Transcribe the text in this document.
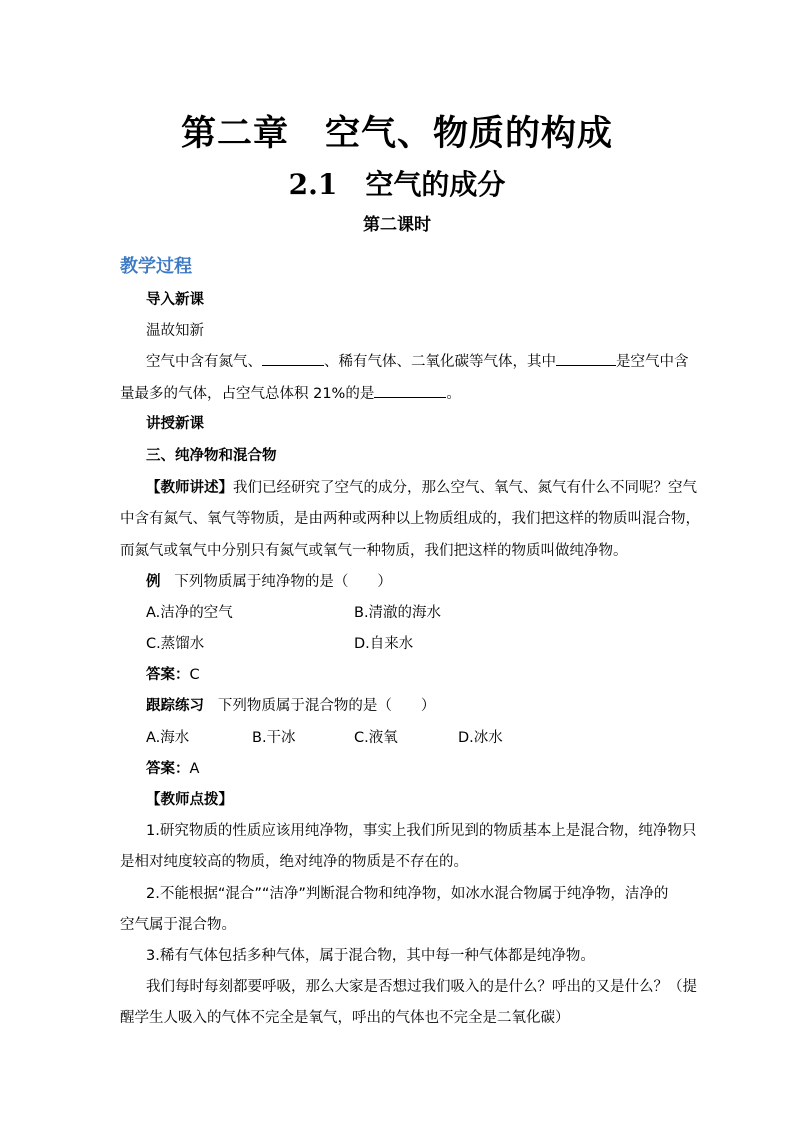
第二章　空气、物质的构成
2.1　空气的成分
第二课时
教学过程
导入新课
温故知新
空气中含有氮气、	、稀有气体、二氧化碳等气体，其中	是空气中含
量最多的气体，占空气总体积 21%的是	。
讲授新课
三、纯净物和混合物
【教师讲述】我们已经研究了空气的成分，那么空气、氧气、氮气有什么不同呢？空气
中含有氮气、氧气等物质，是由两种或两种以上物质组成的，我们把这样的物质叫混合物，
而氮气或氧气中分别只有氮气或氧气一种物质，我们把这样的物质叫做纯净物。
例 下列物质属于纯净物的是（　　）
A.洁净的空气	B.清澈的海水
C.蒸馏水	D.自来水
答案：C
跟踪练习 下列物质属于混合物的是（　　）
A.海水	B.干冰	C.液氧	D.冰水
答案：A
【教师点拨】
1.研究物质的性质应该用纯净物，事实上我们所见到的物质基本上是混合物，纯净物只
是相对纯度较高的物质，绝对纯净的物质是不存在的。
2.不能根据“混合”“洁净”判断混合物和纯净物，如冰水混合物属于纯净物，洁净的
空气属于混合物。
3.稀有气体包括多种气体，属于混合物，其中每一种气体都是纯净物。
我们每时每刻都要呼吸，那么大家是否想过我们吸入的是什么？呼出的又是什么？（提
醒学生人吸入的气体不完全是氧气，呼出的气体也不完全是二氧化碳）
